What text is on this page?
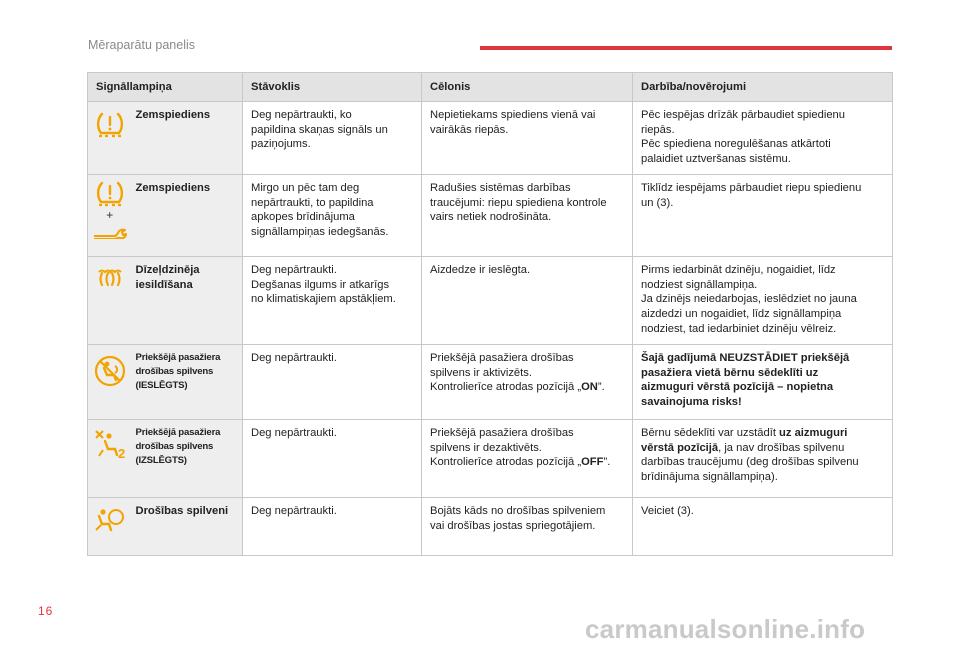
Mēraparātu panelis
Signāllampiņa		Stāvoklis	Cēlonis	Darbība/novērojumi

	Zemspiediens	Deg nepārtraukti, ko
papildina skaņas signāls un
paziņojums.	Nepietiekams spiediens vienā vai
vairākās riepās.	Pēc iespējas drīzāk pārbaudiet spiedienu
riepās.
Pēc spiediena noregulēšanas atkārtoti
palaidiet uztveršanas sistēmu.

+	Zemspiediens	Mirgo un pēc tam deg
nepārtraukti, to papildina
apkopes brīdinājuma
signāllampiņas iedegšanās.	Radušies sistēmas darbības
traucējumi: riepu spiediena kontrole
vairs netiek nodrošināta.	Tiklīdz iespējams pārbaudiet riepu spiedienu
un (3).

	Dīzeļdzinēja iesildīšana	Deg nepārtraukti.
Degšanas ilgums ir atkarīgs
no klimatiskajiem apstākļiem.	Aizdedze ir ieslēgta.	Pirms iedarbināt dzinēju, nogaidiet, līdz
nodziest signāllampiņa.
Ja dzinējs neiedarbojas, ieslēdziet no jauna
aizdedzi un nogaidiet, līdz signāllampiņa
nodziest, tad iedarbiniet dzinēju vēlreiz.

	Priekšējā pasažiera drošības spilvens (IESLĒGTS)	Deg nepārtraukti.	Priekšējā pasažiera drošības
spilvens ir aktivizēts.
Kontrolierīce atrodas pozīcijā „ON”.	Šajā gadījumā NEUZSTĀDIET priekšējā
pasažiera vietā bērnu sēdeklīti uz
aizmuguri vērstā pozīcijā – nopietna
savainojuma risks!

2	Priekšējā pasažiera drošības spilvens (IZSLĒGTS)	Deg nepārtraukti.	Priekšējā pasažiera drošības
spilvens ir dezaktivēts.
Kontrolierīce atrodas pozīcijā „OFF”.	Bērnu sēdeklīti var uzstādīt uz aizmuguri
vērstā pozīcijā, ja nav drošības spilvenu
darbības traucējumu (deg drošības spilvenu
brīdinājuma signāllampiņa).

	Drošības spilveni	Deg nepārtraukti.	Bojāts kāds no drošības spilveniem
vai drošības jostas spriegotājiem.	Veiciet (3).
16
carmanualsonline.info
